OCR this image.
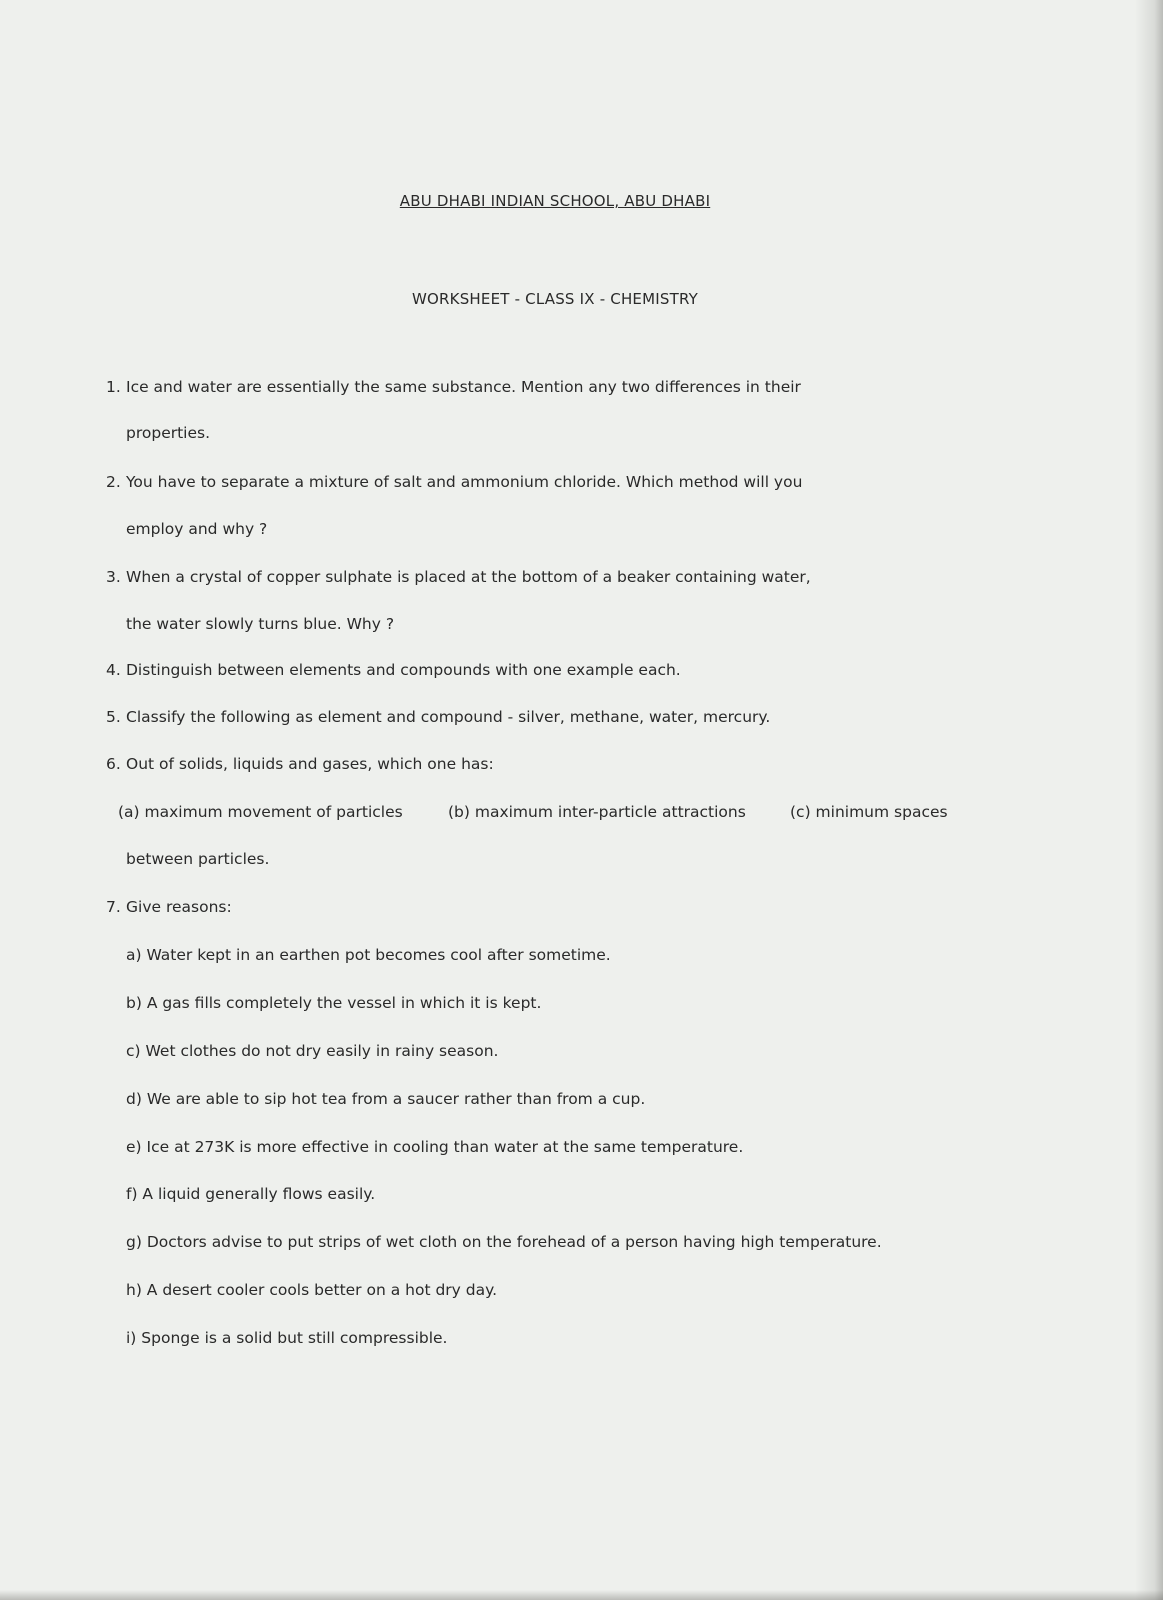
ABU DHABI INDIAN SCHOOL, ABU DHABI
WORKSHEET - CLASS IX - CHEMISTRY
1. Ice and water are essentially the same substance. Mention any two differences in their
properties.
2. You have to separate a mixture of salt and ammonium chloride. Which method will you
employ and why ?
3. When a crystal of copper sulphate is placed at the bottom of a beaker containing water,
the water slowly turns blue. Why ?
4. Distinguish between elements and compounds with one example each.
5. Classify the following as element and compound - silver, methane, water, mercury.
6. Out of solids, liquids and gases, which one has:
(a) maximum movement of particles	(b) maximum inter-particle attractions	(c) minimum spaces
between particles.
7. Give reasons:
a) Water kept in an earthen pot becomes cool after sometime.
b) A gas fills completely the vessel in which it is kept.
c) Wet clothes do not dry easily in rainy season.
d) We are able to sip hot tea from a saucer rather than from a cup.
e) Ice at 273K is more effective in cooling than water at the same temperature.
f) A liquid generally flows easily.
g) Doctors advise to put strips of wet cloth on the forehead of a person having high temperature.
h) A desert cooler cools better on a hot dry day.
i) Sponge is a solid but still compressible.
